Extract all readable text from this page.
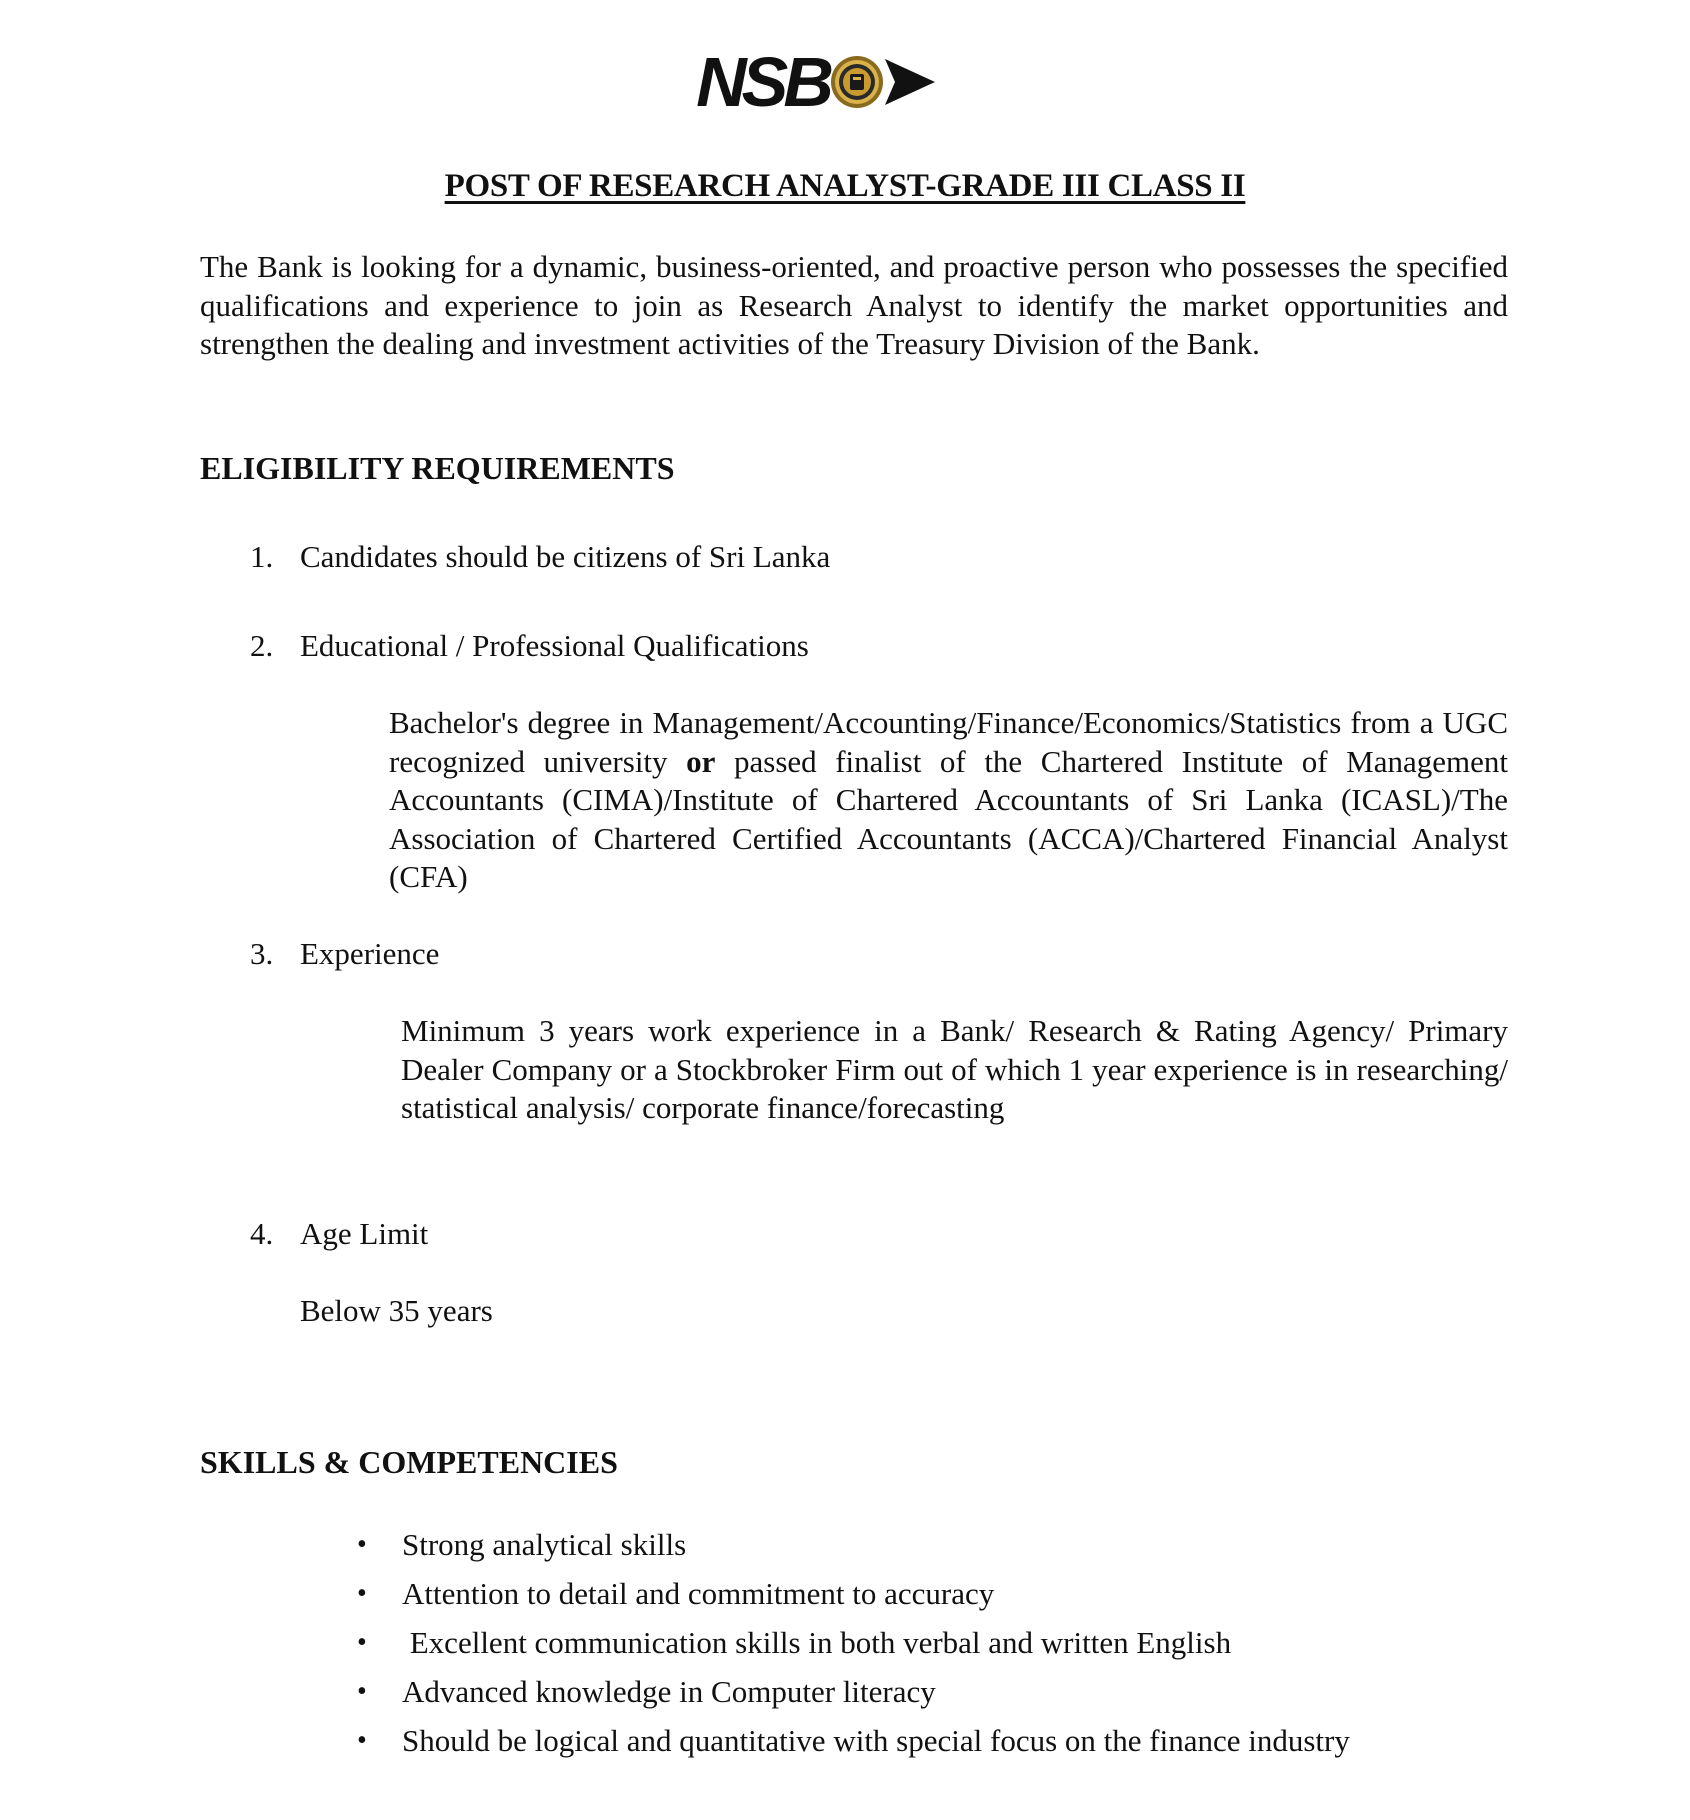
NSB
POST OF RESEARCH ANALYST-GRADE III CLASS II
The Bank is looking for a dynamic, business-oriented, and proactive person who possesses the specified qualifications and experience to join as Research Analyst to identify the market opportunities and strengthen the dealing and investment activities of the Treasury Division of the Bank.
ELIGIBILITY REQUIREMENTS
1. Candidates should be citizens of Sri Lanka
2. Educational / Professional Qualifications
Bachelor's degree in Management/Accounting/Finance/Economics/Statistics from a UGC recognized university or passed finalist of the Chartered Institute of Management Accountants (CIMA)/Institute of Chartered Accountants of Sri Lanka (ICASL)/The Association of Chartered Certified Accountants (ACCA)/Chartered Financial Analyst (CFA)
3. Experience
Minimum 3 years work experience in a Bank/ Research & Rating Agency/ Primary Dealer Company or a Stockbroker Firm out of which 1 year experience is in researching/ statistical analysis/ corporate finance/forecasting
4. Age Limit
Below 35 years
SKILLS & COMPETENCIES
• Strong analytical skills
• Attention to detail and commitment to accuracy
• Excellent communication skills in both verbal and written English
• Advanced knowledge in Computer literacy
• Should be logical and quantitative with special focus on the finance industry
